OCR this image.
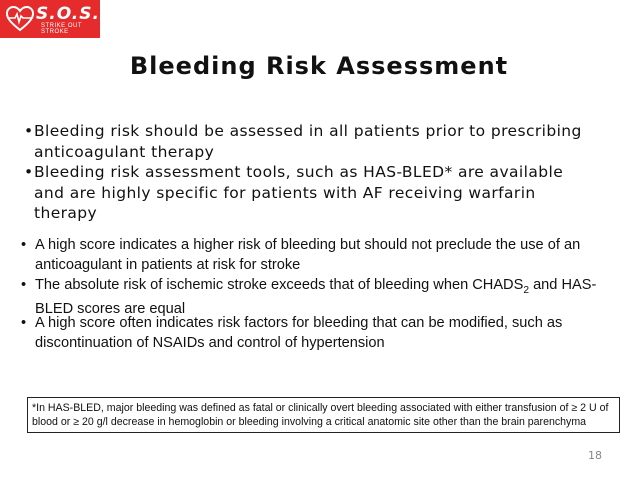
S.O.S.
STRIKE OUT STROKE
Bleeding Risk Assessment
• Bleeding risk should be assessed in all patients prior to prescribing anticoagulant therapy
• Bleeding risk assessment tools, such as HAS-BLED* are available and are highly specific for patients with AF receiving warfarin therapy
• A high score indicates a higher risk of bleeding but should not preclude the use of an anticoagulant in patients at risk for stroke
• The absolute risk of ischemic stroke exceeds that of bleeding when $CHADS_2$ and HAS-BLED scores are equal
• A high score often indicates risk factors for bleeding that can be modified, such as discontinuation of NSAIDs and control of hypertension
*In HAS-BLED, major bleeding was defined as fatal or clinically overt bleeding associated with either transfusion of ≥ 2 U of blood or ≥ 20 g/l decrease in hemoglobin or bleeding involving a critical anatomic site other than the brain parenchyma
18
